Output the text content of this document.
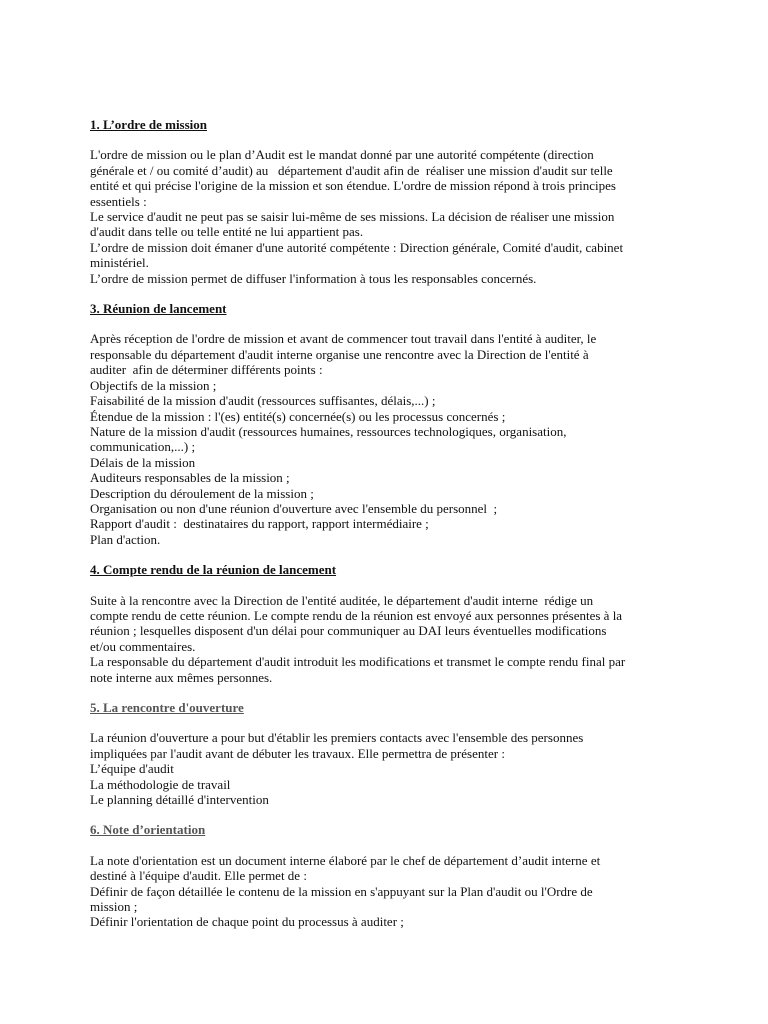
1. L’ordre de mission

L'ordre de mission ou le plan d’Audit est le mandat donné par une autorité compétente (direction
générale et / ou comité d’audit) au   département d'audit afin de  réaliser une mission d'audit sur telle
entité et qui précise l'origine de la mission et son étendue. L'ordre de mission répond à trois principes
essentiels :

Le service d'audit ne peut pas se saisir lui-même de ses missions. La décision de réaliser une mission
d'audit dans telle ou telle entité ne lui appartient pas.

L’ordre de mission doit émaner d'une autorité compétente : Direction générale, Comité d'audit, cabinet
ministériel.

L’ordre de mission permet de diffuser l'information à tous les responsables concernés.

3. Réunion de lancement

Après réception de l'ordre de mission et avant de commencer tout travail dans l'entité à auditer, le
responsable du département d'audit interne organise une rencontre avec la Direction de l'entité à
auditer  afin de déterminer différents points :

Objectifs de la mission ;

Faisabilité de la mission d'audit (ressources suffisantes, délais,...) ;

Étendue de la mission : l'(es) entité(s) concernée(s) ou les processus concernés ;

Nature de la mission d'audit (ressources humaines, ressources technologiques, organisation,
communication,...) ;

Délais de la mission

Auditeurs responsables de la mission ;

Description du déroulement de la mission ;

Organisation ou non d'une réunion d'ouverture avec l'ensemble du personnel  ;

Rapport d'audit :  destinataires du rapport, rapport intermédiaire ;

Plan d'action.

4. Compte rendu de la réunion de lancement

Suite à la rencontre avec la Direction de l'entité auditée, le département d'audit interne  rédige un
compte rendu de cette réunion. Le compte rendu de la réunion est envoyé aux personnes présentes à la
réunion ; lesquelles disposent d'un délai pour communiquer au DAI leurs éventuelles modifications
et/ou commentaires.

La responsable du département d'audit introduit les modifications et transmet le compte rendu final par
note interne aux mêmes personnes.

5. La rencontre d'ouverture

La réunion d'ouverture a pour but d'établir les premiers contacts avec l'ensemble des personnes
impliquées par l'audit avant de débuter les travaux. Elle permettra de présenter :

L’équipe d'audit

La méthodologie de travail

Le planning détaillé d'intervention

6. Note d’orientation

La note d'orientation est un document interne élaboré par le chef de département d’audit interne et
destiné à l'équipe d'audit. Elle permet de :

Définir de façon détaillée le contenu de la mission en s'appuyant sur la Plan d'audit ou l'Ordre de
mission ;

Définir l'orientation de chaque point du processus à auditer ;
